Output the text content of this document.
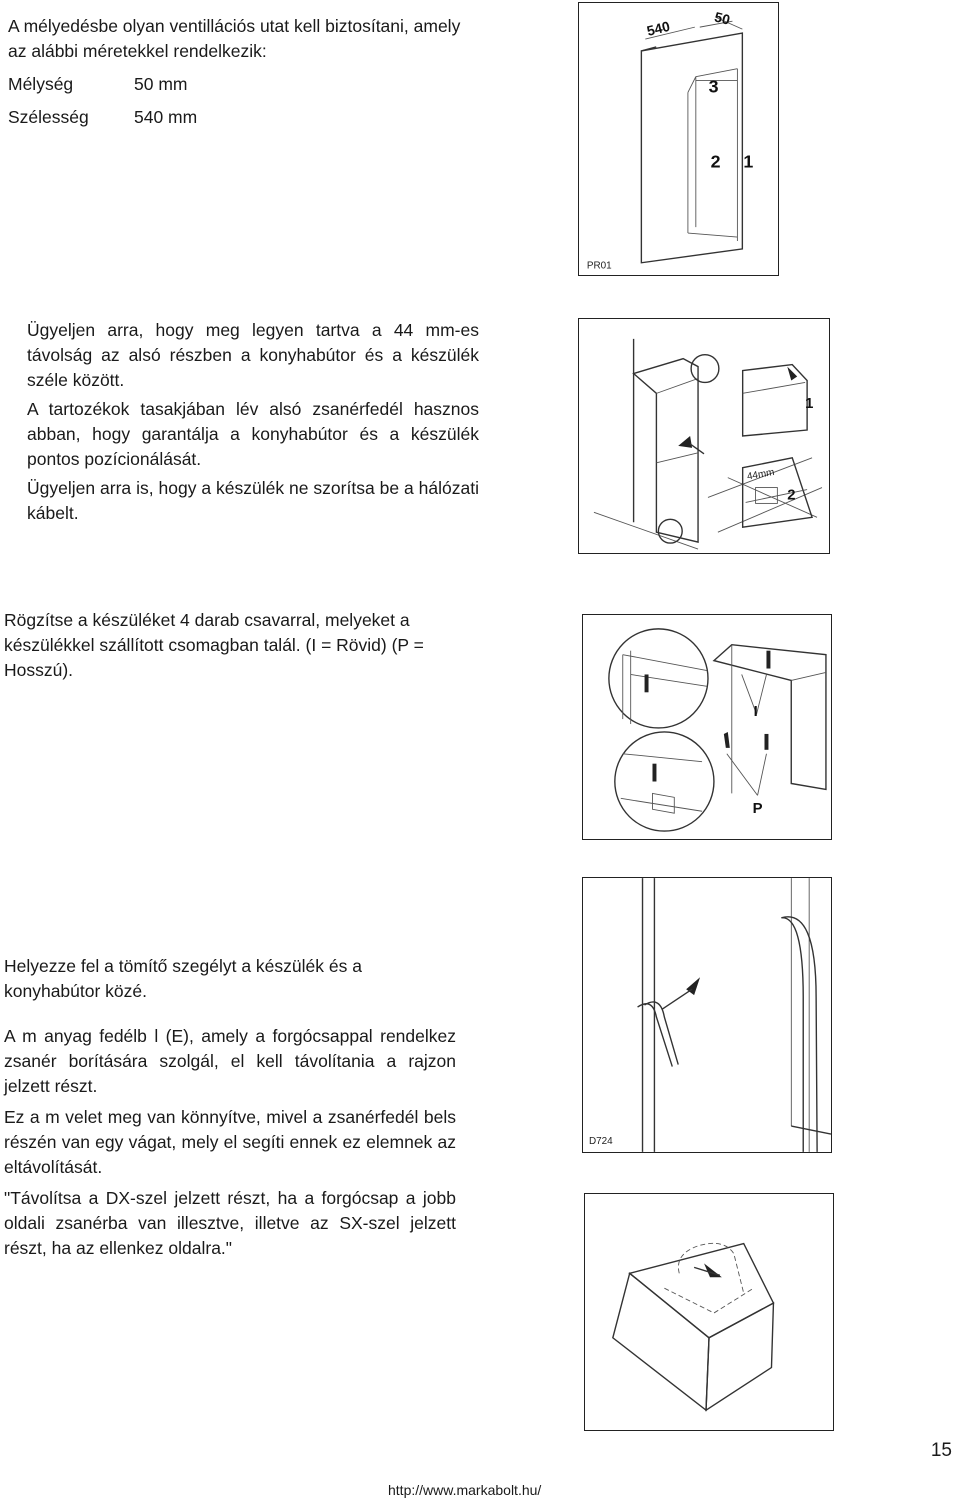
A mélyedésbe olyan ventillációs utat kell biztosítani, amely az alábbi méretekkel rendelkezik:

Mélység	50 mm
Szélesség	540 mm
540	50
3
2 1
PR01

Ügyeljen arra, hogy meg legyen tartva a 44 mm-es távolság az alsó részben a konyhabútor és a készülék széle között.

A tartozékok tasakjában lév alsó zsanérfedél hasznos abban, hogy garantálja a konyhabútor és a készülék pontos pozícionálását.

Ügyeljen arra is, hogy a készülék ne szorítsa be a hálózati kábelt.

44mm
1
2

Rögzítse a készüléket 4 darab csavarral, melyeket a készülékkel szállított csomagban talál. (I = Rövid) (P = Hosszú).

I
P

Helyezze fel a tömítő szegélyt a készülék és a konyhabútor közé.

A m anyag fedélb l (E), amely a forgócsappal rendelkez zsanér borítására szolgál, el kell távolítania a rajzon jelzett részt.

Ez a m velet meg van könnyítve, mivel a zsanérfedél bels részén van egy vágat, mely el segíti ennek ez elemnek az eltávolítását.

"Távolítsa a DX-szel jelzett részt, ha a forgócsap a jobb oldali zsanérba van illesztve, illetve az SX-szel jelzett részt, ha az ellenkez oldalra."

D724
15
http://www.markabolt.hu/
